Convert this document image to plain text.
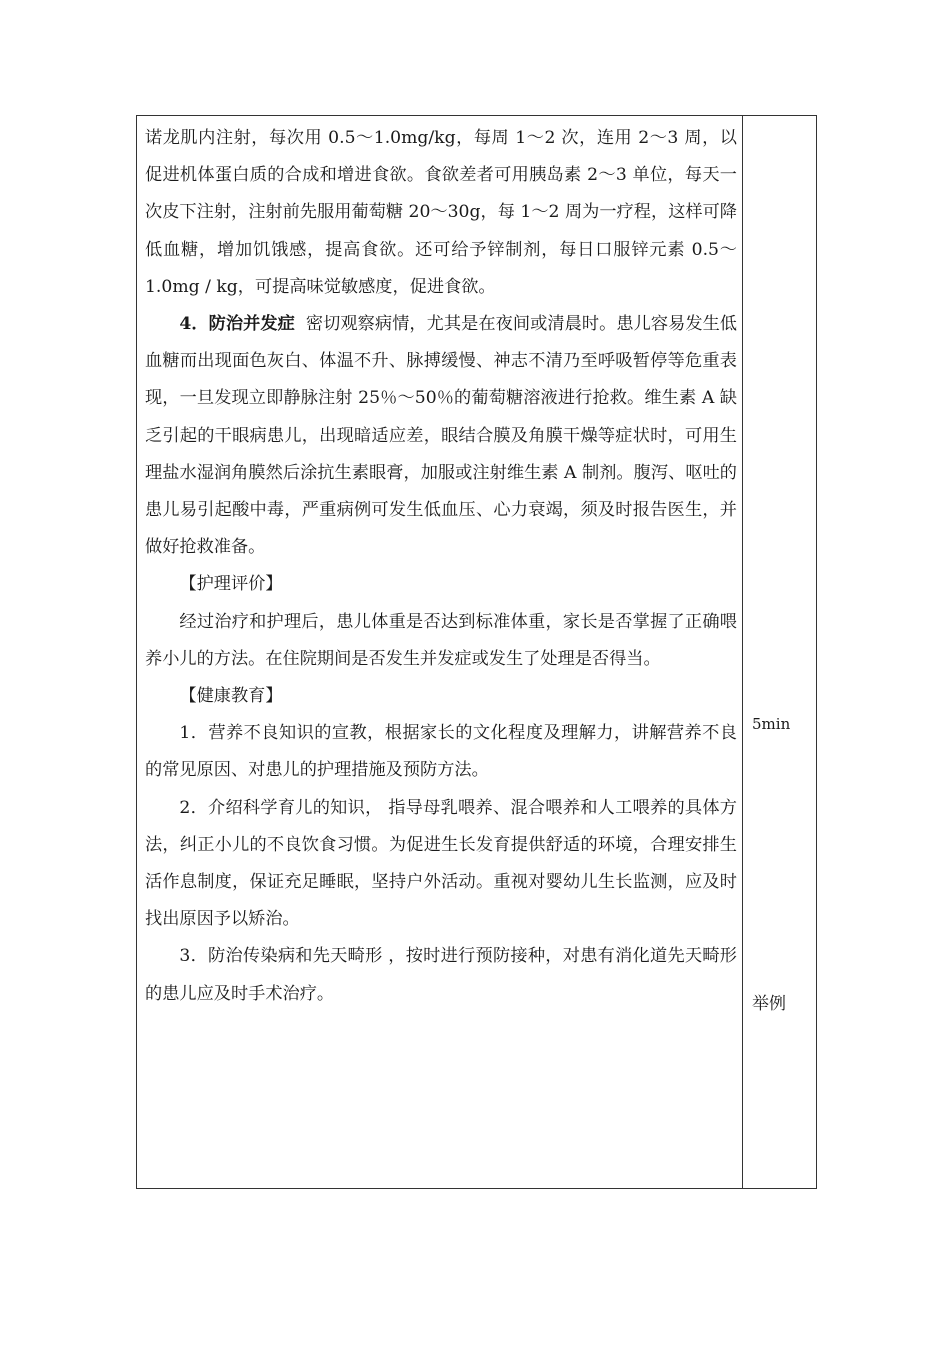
诺龙肌内注射，每次用 0.5～1.0mg/kg，每周 1～2 次，连用 2～3 周，以促进机体蛋白质的合成和增进食欲。食欲差者可用胰岛素 2～3 单位，每天一次皮下注射，注射前先服用葡萄糖 20～30g，每 1～2 周为一疗程，这样可降低血糖，增加饥饿感，提高食欲。还可给予锌制剂，每日口服锌元素 0.5～1.0mg / kg，可提高味觉敏感度，促进食欲。

4．防治并发症  密切观察病情，尤其是在夜间或清晨时。患儿容易发生低血糖而出现面色灰白、体温不升、脉搏缓慢、神志不清乃至呼吸暂停等危重表现，一旦发现立即静脉注射 25％～50％的葡萄糖溶液进行抢救。维生素 A 缺乏引起的干眼病患儿，出现暗适应差，眼结合膜及角膜干燥等症状时，可用生理盐水湿润角膜然后涂抗生素眼膏，加服或注射维生素 A 制剂。腹泻、呕吐的患儿易引起酸中毒，严重病例可发生低血压、心力衰竭，须及时报告医生，并做好抢救准备。

【护理评价】

经过治疗和护理后，患儿体重是否达到标准体重，家长是否掌握了正确喂养小儿的方法。在住院期间是否发生并发症或发生了处理是否得当。

【健康教育】

1．营养不良知识的宣教，根据家长的文化程度及理解力，讲解营养不良的常见原因、对患儿的护理措施及预防方法。

2．介绍科学育儿的知识， 指导母乳喂养、混合喂养和人工喂养的具体方法，纠正小儿的不良饮食习惯。为促进生长发育提供舒适的环境，合理安排生活作息制度，保证充足睡眠，坚持户外活动。重视对婴幼儿生长监测，应及时找出原因予以矫治。

3．防治传染病和先天畸形 ，按时进行预防接种，对患有消化道先天畸形的患儿应及时手术治疗。

5min
举例
